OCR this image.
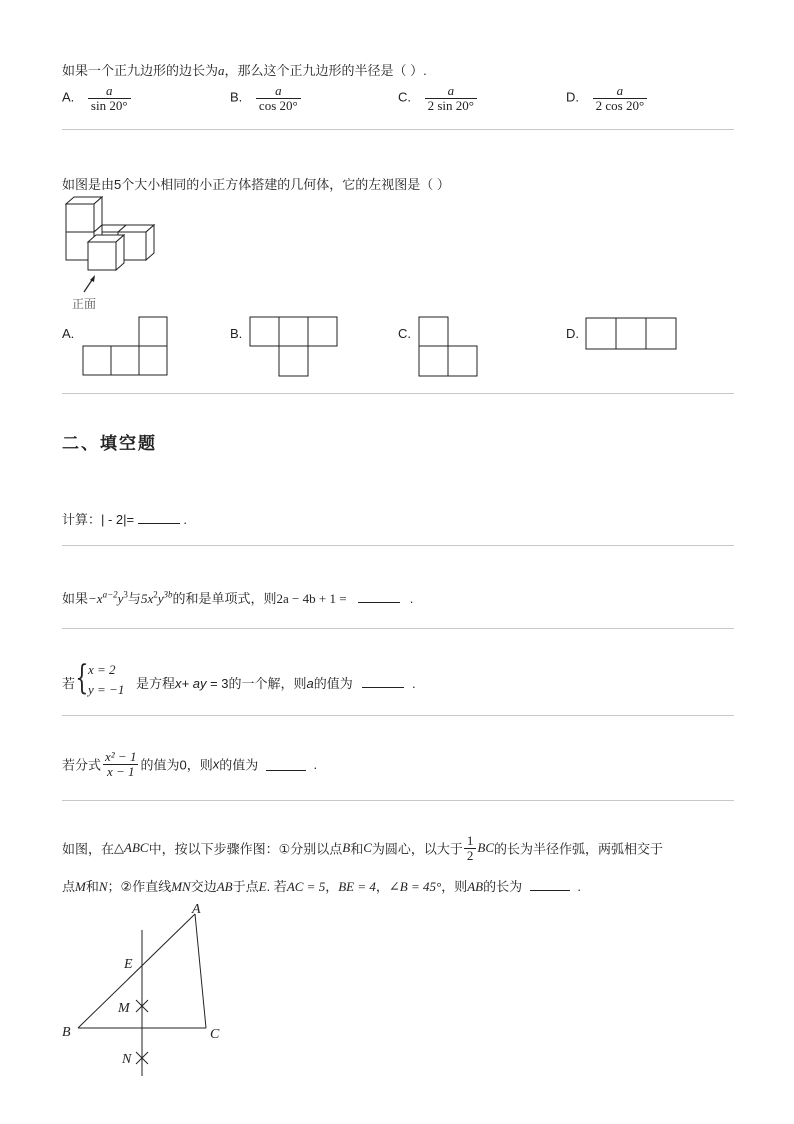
如果一个正九边形的边长为a，那么这个正九边形的半径是（ ）.
A. $\frac{a}{\sin 20^\circ}$	B. $\frac{a}{\cos 20^\circ}$	C. $\frac{a}{2 \sin 20^\circ}$	D. $\frac{a}{2 \cos 20^\circ}$
如图是由5个大小相同的小正方体搭建的几何体，它的左视图是（ ）
正面
A.	B.	C.	D.
二、填空题
计算：| - 2|=	.
如果$-x^{a-2}y^3$与$5x^2y^{3b}$的和是单项式，则2a − 4b + 1 =	.
若 { x = 2
y = −1 是方程x+ ay = 3的一个解，则a的值为	.
若分式 $\frac{\text{x² − 1}}{x - 1}$ 的值为0，则x的值为	.
如图，在△ABC中，按以下步骤作图：①分别以点B和C为圆心，以大于 $\frac{1}{2}$ BC的长为半径作弧，两弧相交于
点M和N；②作直线MN交边AB于点E. 若AC = 5，BE = 4，∠B = 45°，则AB的长为	.
A
B	C
E
M
N
